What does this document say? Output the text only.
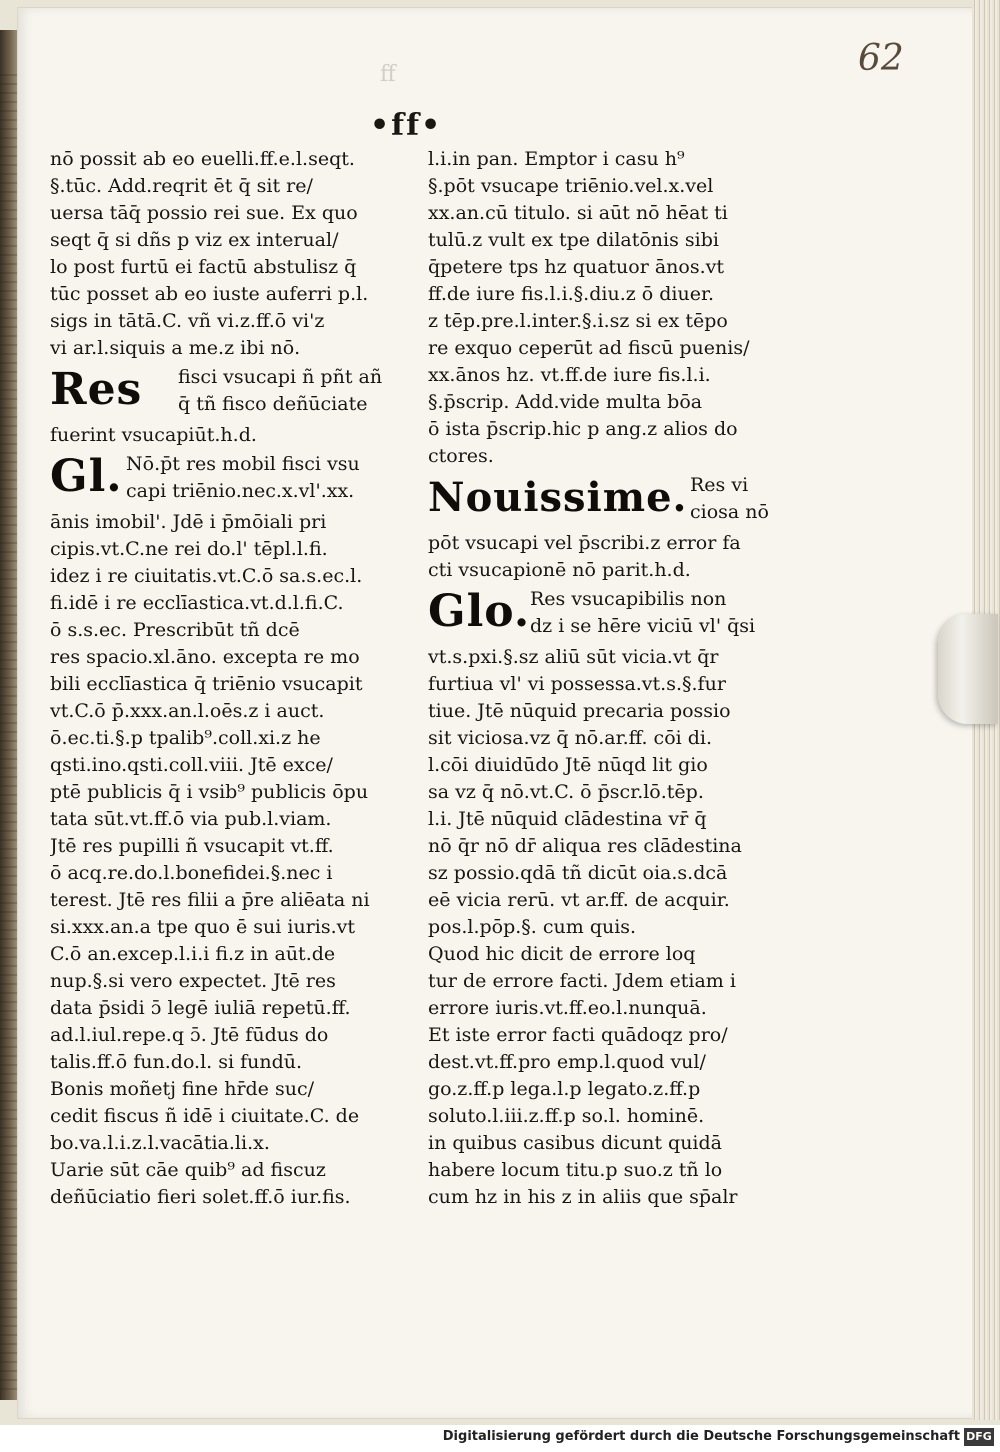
ff	62
•ff•
nō possit ab eo euelli.ff.e.l.seqt.
§.tūc. Add.reqrit ēt q̄ sit re/
uersa tāq̄ possio rei sue. Ex quo
seqt q̄ si dñs p viz ex interual/
lo post furtū ei factū abstulisz q̄
tūc posset ab eo iuste auferri p.l.
sigs in tātā.C. vñ vi.z.ff.ō vi'z
vi ar.l.siquis a me.z ibi nō.
Res fisci vsucapi ñ pñt añ
q̄ tñ fisco deñūciate
fuerint vsucapiūt.h.d.
Gl. Nō.p̄t res mobil fisci vsu
capi triēnio.nec.x.vl'.xx.
ānis imobil'. Jdē i p̄mōiali pri
cipis.vt.C.ne rei do.l' tēpl.l.fi.
idez i re ciuitatis.vt.C.ō sa.s.ec.l.
fi.idē i re ecclīastica.vt.d.l.fi.C.
ō s.s.ec. Prescribūt tñ dcē
res spacio.xl.āno. excepta re mo
bili ecclīastica q̄ triēnio vsucapit
vt.C.ō p̄.xxx.an.l.oēs.z i auct.
ō.ec.ti.§.p tpalib⁹.coll.xi.z he
qsti.ino.qsti.coll.viii. Jtē exce/
ptē publicis q̄ i vsib⁹ publicis ōpu
tata sūt.vt.ff.ō via pub.l.viam.
Jtē res pupilli ñ vsucapit vt.ff.
ō acq.re.do.l.bonefidei.§.nec i
terest. Jtē res filii a p̄re aliēata ni
si.xxx.an.a tpe quo ē sui iuris.vt
C.ō an.excep.l.i.i fi.z in aūt.de
nup.§.si vero expectet. Jtē res
data p̄sidi ɔ̄ legē iuliā repetū.ff.
ad.l.iul.repe.q ɔ̄. Jtē fūdus do
talis.ff.ō fun.do.l. si fundū.
Bonis moñetj fine hr̄de suc/
cedit fiscus ñ idē i ciuitate.C. de
bo.va.l.i.z.l.vacātia.li.x.
Uarie sūt cāe quib⁹ ad fiscuz
deñūciatio fieri solet.ff.ō iur.fis.
l.i.in pan. Emptor i casu h⁹
§.pōt vsucape triēnio.vel.x.vel
xx.an.cū titulo. si aūt nō hēat ti
tulū.z vult ex tpe dilatōnis sibi
q̄petere tps hz quatuor ānos.vt
ff.de iure fis.l.i.§.diu.z ō diuer.
z tēp.pre.l.inter.§.i.sz si ex tēpo
re exquo ceperūt ad fiscū puenis/
xx.ānos hz. vt.ff.de iure fis.l.i.
§.p̄scrip. Add.vide multa bōa
ō ista p̄scrip.hic p ang.z alios do
ctores.
Nouissime. Res vi
ciosa nō
pōt vsucapi vel p̄scribi.z error fa
cti vsucapionē nō parit.h.d.
Glo. Res vsucapibilis non
dz i se hēre viciū vl' q̄si
vt.s.pxi.§.sz aliū sūt vicia.vt q̄r
furtiua vl' vi possessa.vt.s.§.fur
tiue. Jtē nūquid precaria possio
sit viciosa.vz q̄ nō.ar.ff. cōi di.
l.cōi diuidūdo Jtē nūqd lit gio
sa vz q̄ nō.vt.C. ō p̄scr.lō.tēp.
l.i. Jtē nūquid clādestina vr̄ q̄
nō q̄r nō dr̄ aliqua res clādestina
sz possio.qdā tñ dicūt oia.s.dcā
eē vicia rerū. vt ar.ff. de acquir.
pos.l.pōp.§. cum quis.
Quod hic dicit de errore loq
tur de errore facti. Jdem etiam i
errore iuris.vt.ff.eo.l.nunquā.
Et iste error facti quādoqz pro/
dest.vt.ff.pro emp.l.quod vul/
go.z.ff.p lega.l.p legato.z.ff.p
soluto.l.iii.z.ff.p so.l. hominē.
in quibus casibus dicunt quidā
habere locum titu.p suo.z tñ lo
cum hz in his z in aliis que sp̄alr
Digitalisierung gefördert durch die Deutsche Forschungsgemeinschaft DFG
